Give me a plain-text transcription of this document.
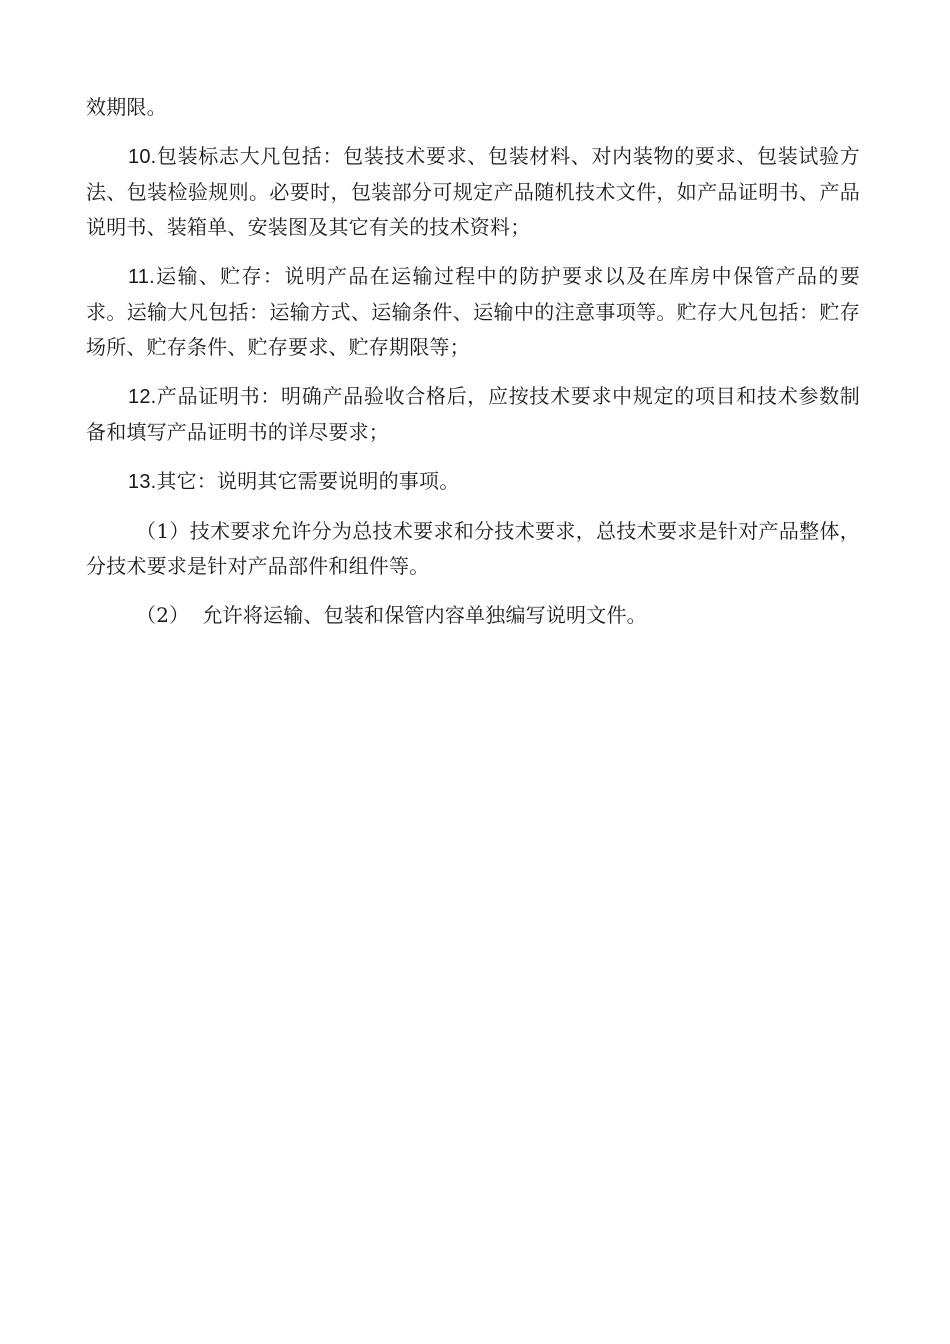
效期限。

10.包装标志大凡包括：包装技术要求、包装材料、对内装物的要求、包装试验方法、包装检验规则。必要时，包装部分可规定产品随机技术文件，如产品证明书、产品说明书、装箱单、安装图及其它有关的技术资料；

11.运输、贮存：说明产品在运输过程中的防护要求以及在库房中保管产品的要求。运输大凡包括：运输方式、运输条件、运输中的注意事项等。贮存大凡包括：贮存场所、贮存条件、贮存要求、贮存期限等；

12.产品证明书：明确产品验收合格后，应按技术要求中规定的项目和技术参数制备和填写产品证明书的详尽要求；

13.其它：说明其它需要说明的事项。

（1）技术要求允许分为总技术要求和分技术要求，总技术要求是针对产品整体，分技术要求是针对产品部件和组件等。

（2）  允许将运输、包装和保管内容单独编写说明文件。
